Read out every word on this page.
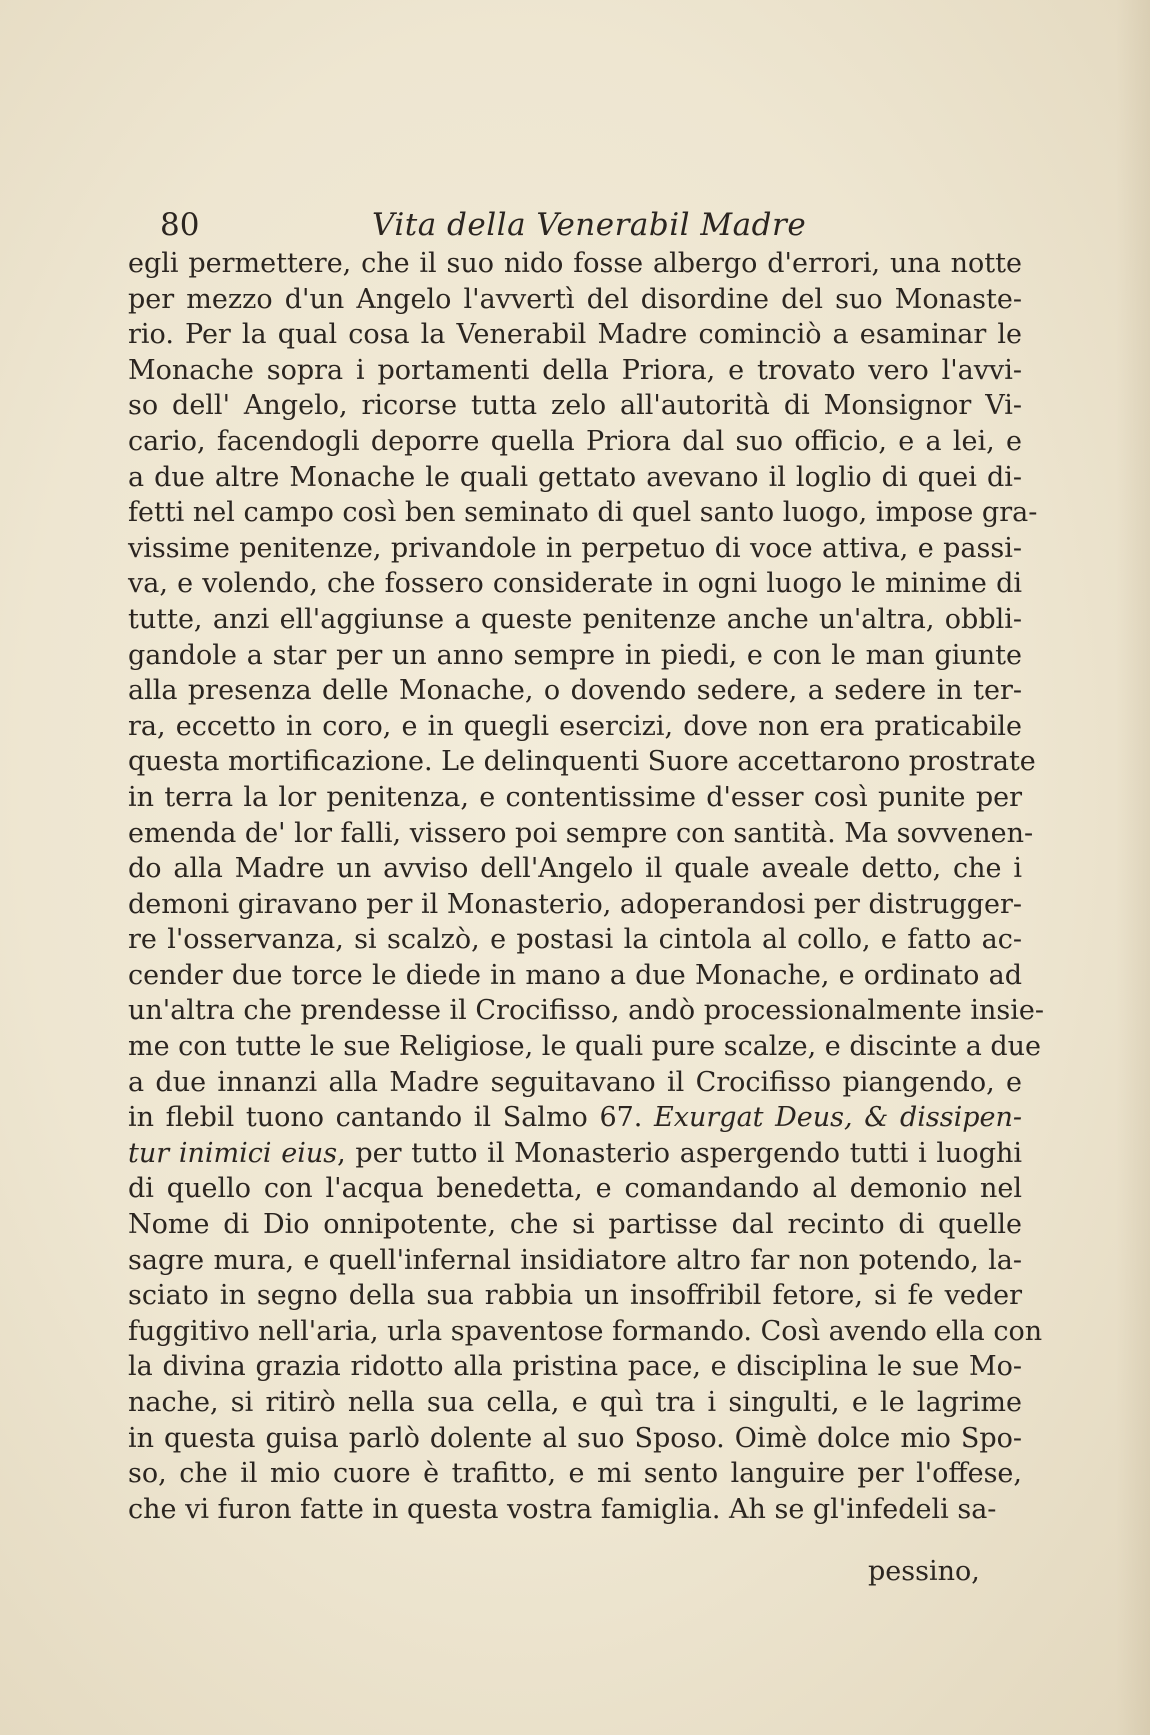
80	Vita della Venerabil Madre
egli permettere, che il suo nido fosse albergo d'errori, una notte
per mezzo d'un Angelo l'avvertì del disordine del suo Monaste-
rio. Per la qual cosa la Venerabil Madre cominciò a esaminar le
Monache sopra i portamenti della Priora, e trovato vero l'avvi-
so dell' Angelo, ricorse tutta zelo all'autorità di Monsignor Vi-
cario, facendogli deporre quella Priora dal suo officio, e a lei, e
a due altre Monache le quali gettato avevano il loglio di quei di-
fetti nel campo così ben seminato di quel santo luogo, impose gra-
vissime penitenze, privandole in perpetuo di voce attiva, e passi-
va, e volendo, che fossero considerate in ogni luogo le minime di
tutte, anzi ell'aggiunse a queste penitenze anche un'altra, obbli-
gandole a star per un anno sempre in piedi, e con le man giunte
alla presenza delle Monache, o dovendo sedere, a sedere in ter-
ra, eccetto in coro, e in quegli esercizi, dove non era praticabile
questa mortificazione. Le delinquenti Suore accettarono prostrate
in terra la lor penitenza, e contentissime d'esser così punite per
emenda de' lor falli, vissero poi sempre con santità. Ma sovvenen-
do alla Madre un avviso dell'Angelo il quale aveale detto, che i
demoni giravano per il Monasterio, adoperandosi per distrugger-
re l'osservanza, si scalzò, e postasi la cintola al collo, e fatto ac-
cender due torce le diede in mano a due Monache, e ordinato ad
un'altra che prendesse il Crocifisso, andò processionalmente insie-
me con tutte le sue Religiose, le quali pure scalze, e discinte a due
a due innanzi alla Madre seguitavano il Crocifisso piangendo, e
in flebil tuono cantando il Salmo 67. Exurgat Deus, & dissipen-
tur inimici eius, per tutto il Monasterio aspergendo tutti i luoghi
di quello con l'acqua benedetta, e comandando al demonio nel
Nome di Dio onnipotente, che si partisse dal recinto di quelle
sagre mura, e quell'infernal insidiatore altro far non potendo, la-
sciato in segno della sua rabbia un insoffribil fetore, si fe veder
fuggitivo nell'aria, urla spaventose formando. Così avendo ella con
la divina grazia ridotto alla pristina pace, e disciplina le sue Mo-
nache, si ritirò nella sua cella, e quì tra i singulti, e le lagrime
in questa guisa parlò dolente al suo Sposo. Oimè dolce mio Spo-
so, che il mio cuore è trafitto, e mi sento languire per l'offese,
che vi furon fatte in questa vostra famiglia. Ah se gl'infedeli sa-
pessino,
